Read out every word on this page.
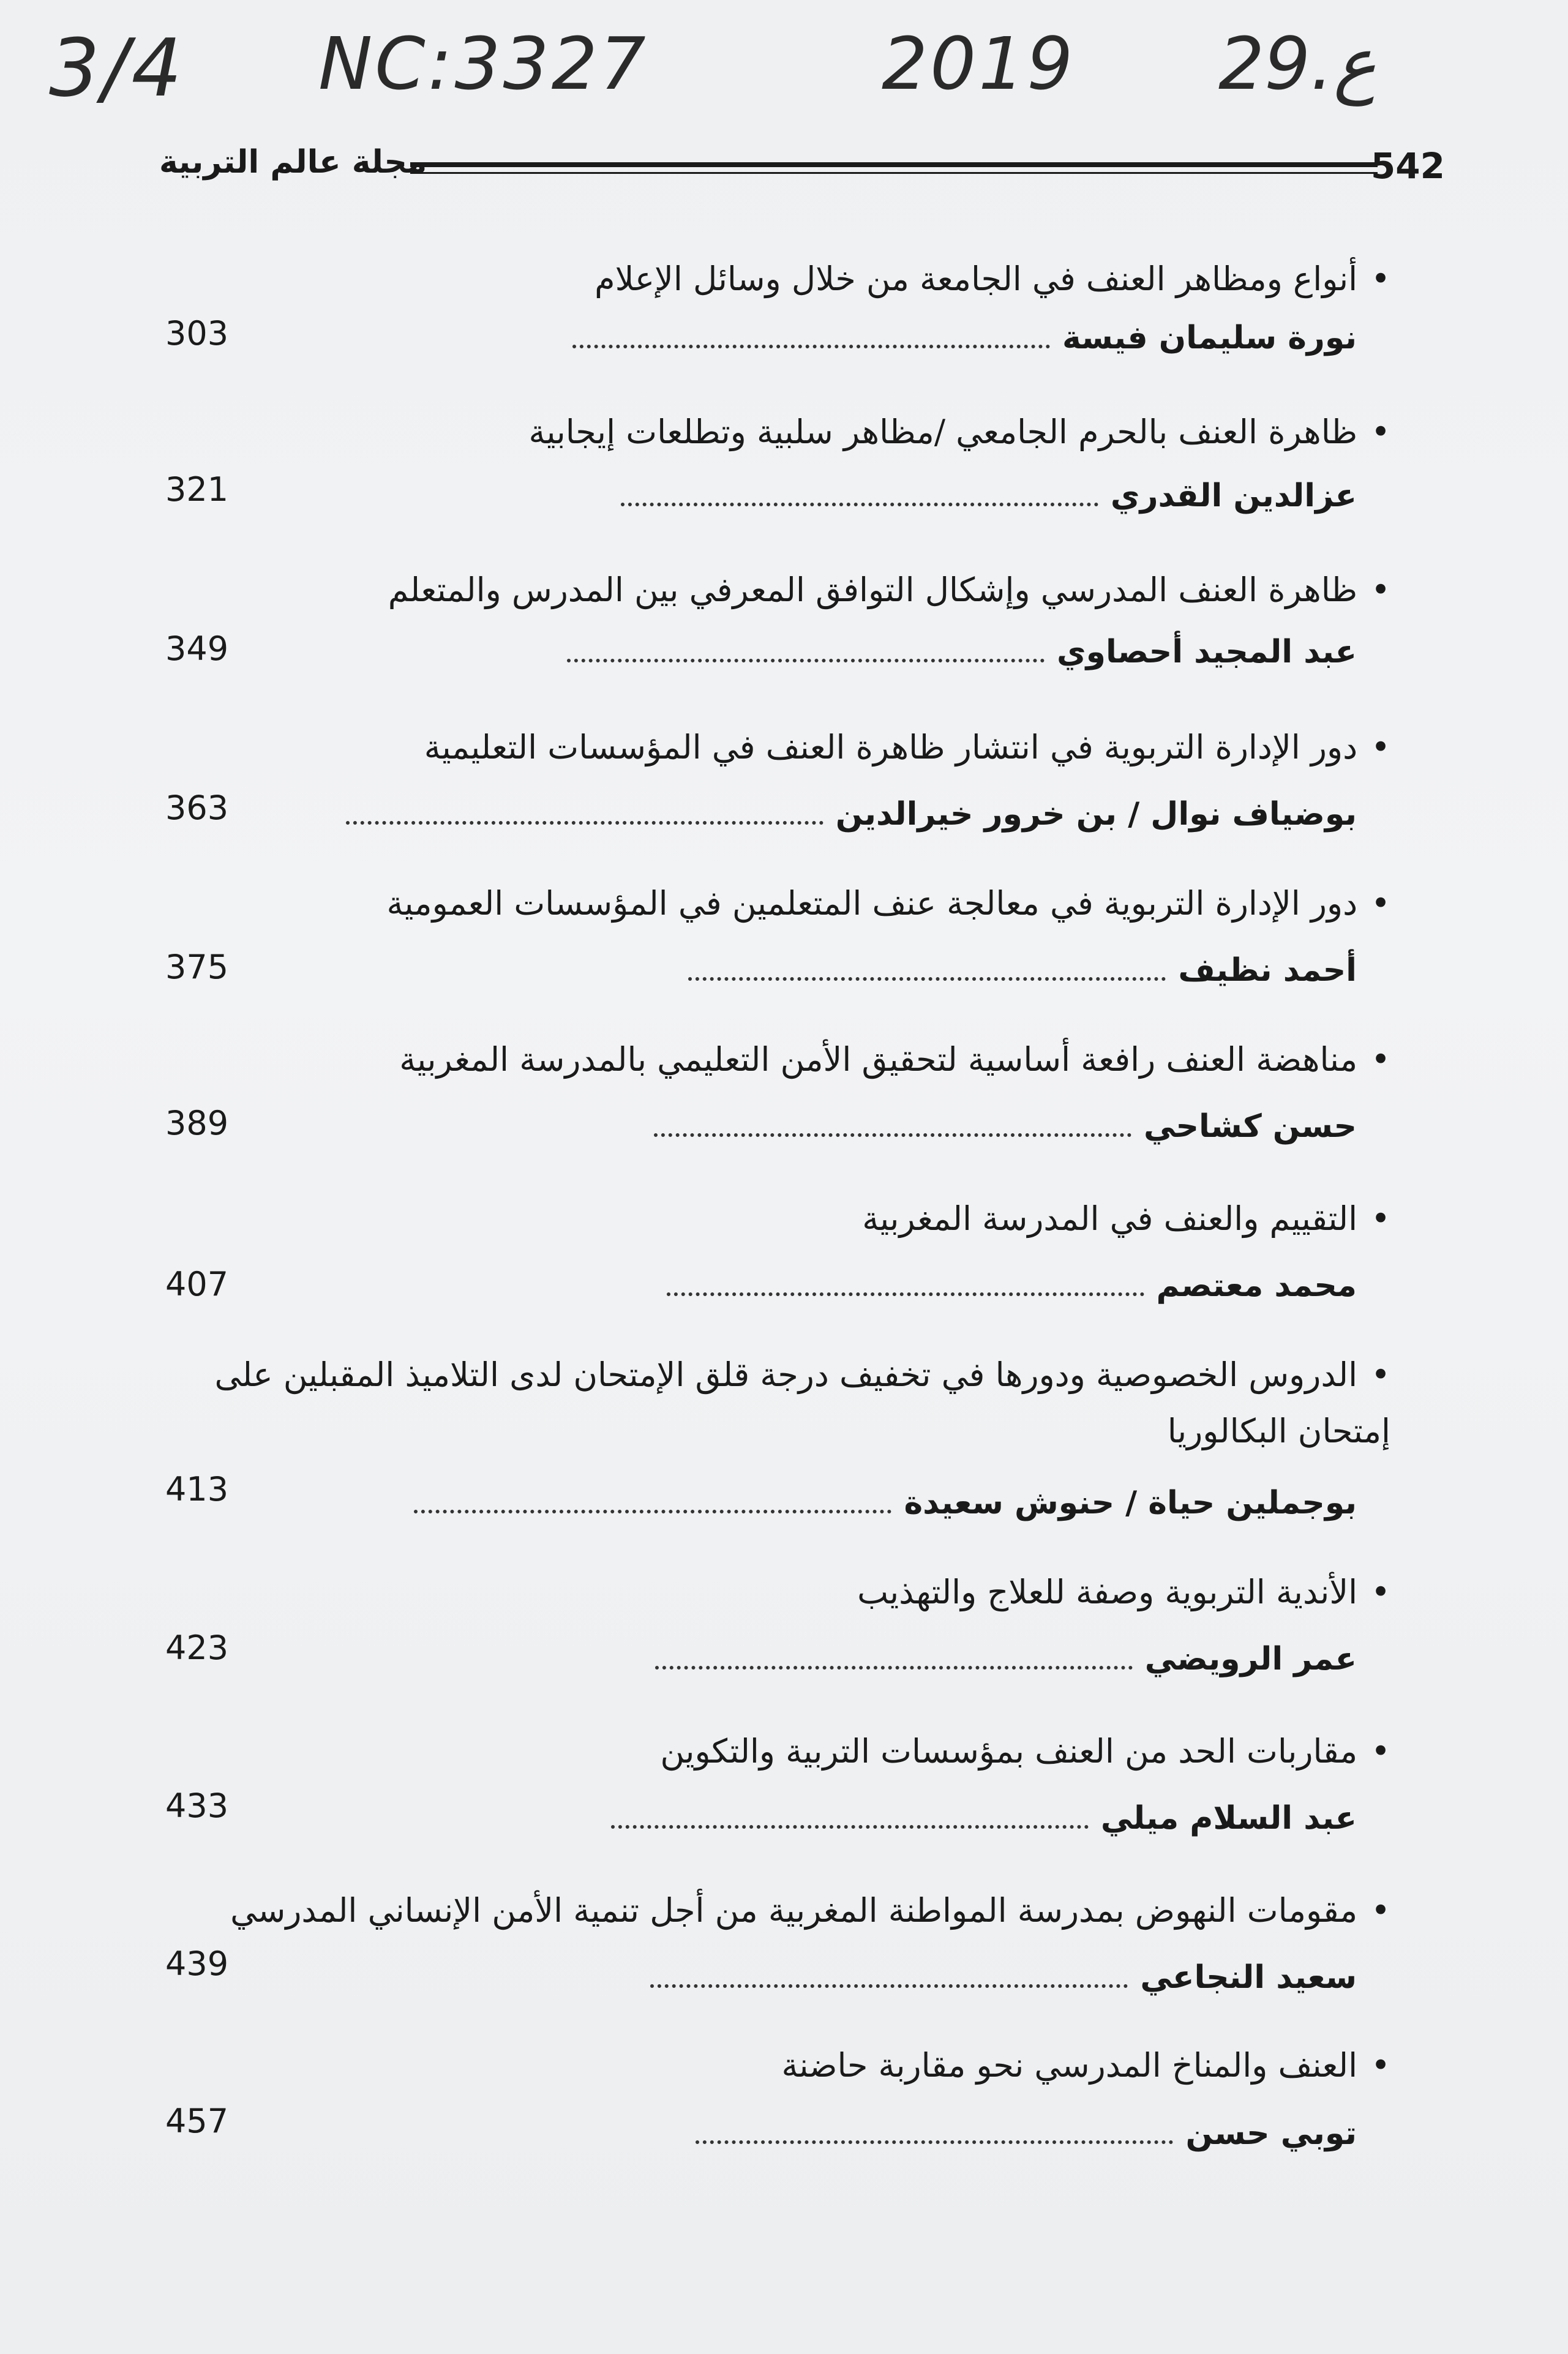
3/4 NC:3327	2019 29.ع
مجلة عالم التربية	542
•أنواع ومظاهر العنف في الجامعة من خلال وسائل الإعلام
نورة سليمان فيسة
303
•ظاهرة العنف بالحرم الجامعي /مظاهر سلبية وتطلعات إيجابية
عزالدين القدري
321
•ظاهرة العنف المدرسي وإشكال التوافق المعرفي بين المدرس والمتعلم
عبد المجيد أحصاوي
349
•دور الإدارة التربوية في انتشار ظاهرة العنف في المؤسسات التعليمية
بوضياف نوال / بن خرور خيرالدين
363
•دور الإدارة التربوية في معالجة عنف المتعلمين في المؤسسات العمومية
أحمد نظيف
375
•مناهضة العنف رافعة أساسية لتحقيق الأمن التعليمي بالمدرسة المغربية
حسن كشاحي
389
•التقييم والعنف في المدرسة المغربية
محمد معتصم
407
•الدروس الخصوصية ودورها في تخفيف درجة قلق الإمتحان لدى التلاميذ المقبلين على إمتحان البكالوريا
بوجملين حياة / حنوش سعيدة
413
•الأندية التربوية وصفة للعلاج والتهذيب
عمر الرويضي
423
•مقاربات الحد من العنف بمؤسسات التربية والتكوين
عبد السلام ميلي
433
•مقومات النهوض بمدرسة المواطنة المغربية من أجل تنمية الأمن الإنساني المدرسي
سعيد النجاعي
439
•العنف والمناخ المدرسي نحو مقاربة حاضنة
توبي حسن
457
